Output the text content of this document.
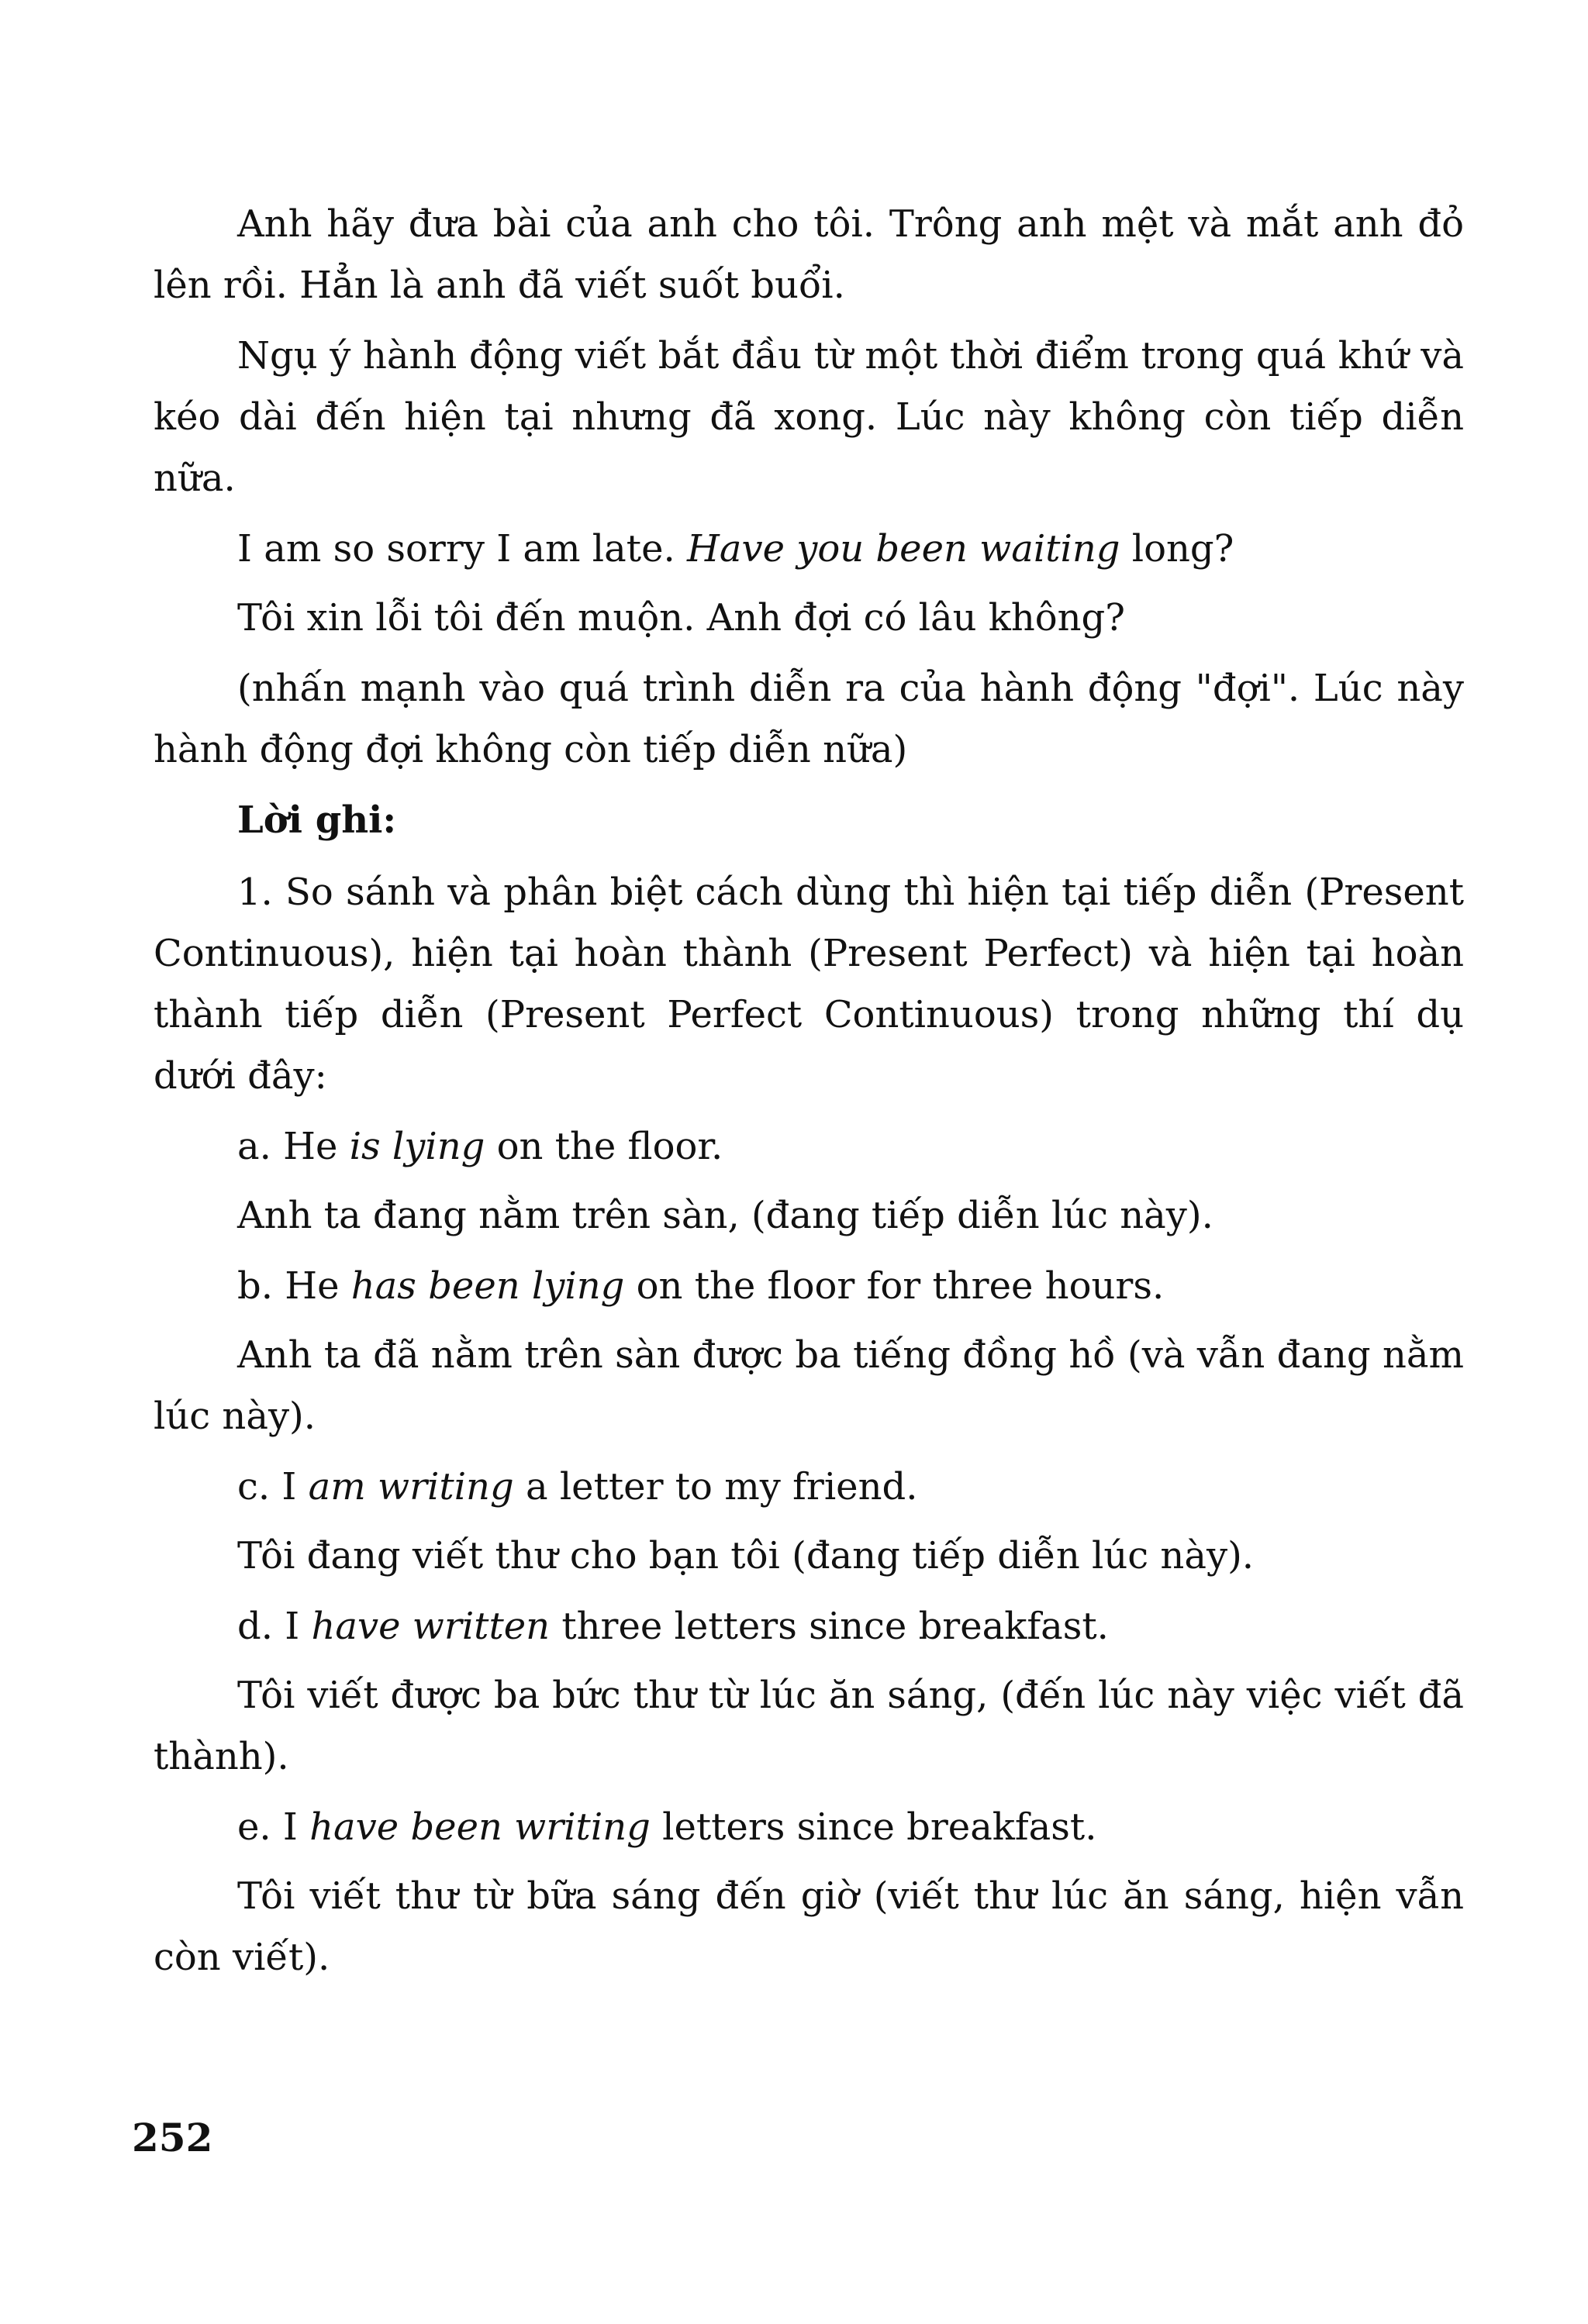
Anh hãy đưa bài của anh cho tôi. Trông anh mệt và mắt anh đỏ lên rồi. Hẳn là anh đã viết suốt buổi.

Ngụ ý hành động viết bắt đầu từ một thời điểm trong quá khứ và kéo dài đến hiện tại nhưng đã xong. Lúc này không còn tiếp diễn nữa.

I am so sorry I am late. Have you been waiting long?

Tôi xin lỗi tôi đến muộn. Anh đợi có lâu không?

(nhấn mạnh vào quá trình diễn ra của hành động "đợi". Lúc này hành động đợi không còn tiếp diễn nữa)

Lời ghi:

1. So sánh và phân biệt cách dùng thì hiện tại tiếp diễn (Present Continuous), hiện tại hoàn thành (Present Perfect) và hiện tại hoàn thành tiếp diễn (Present Perfect Continuous) trong những thí dụ dưới đây:

a. He is lying on the floor.

Anh ta đang nằm trên sàn, (đang tiếp diễn lúc này).

b. He has been lying on the floor for three hours.

Anh ta đã nằm trên sàn được ba tiếng đồng hồ (và vẫn đang nằm lúc này).

c. I am writing a letter to my friend.

Tôi đang viết thư cho bạn tôi (đang tiếp diễn lúc này).

d. I have written three letters since breakfast.

Tôi viết được ba bức thư từ lúc ăn sáng, (đến lúc này việc viết đã thành).

e. I have been writing letters since breakfast.

Tôi viết thư từ bữa sáng đến giờ (viết thư lúc ăn sáng, hiện vẫn còn viết).

252
